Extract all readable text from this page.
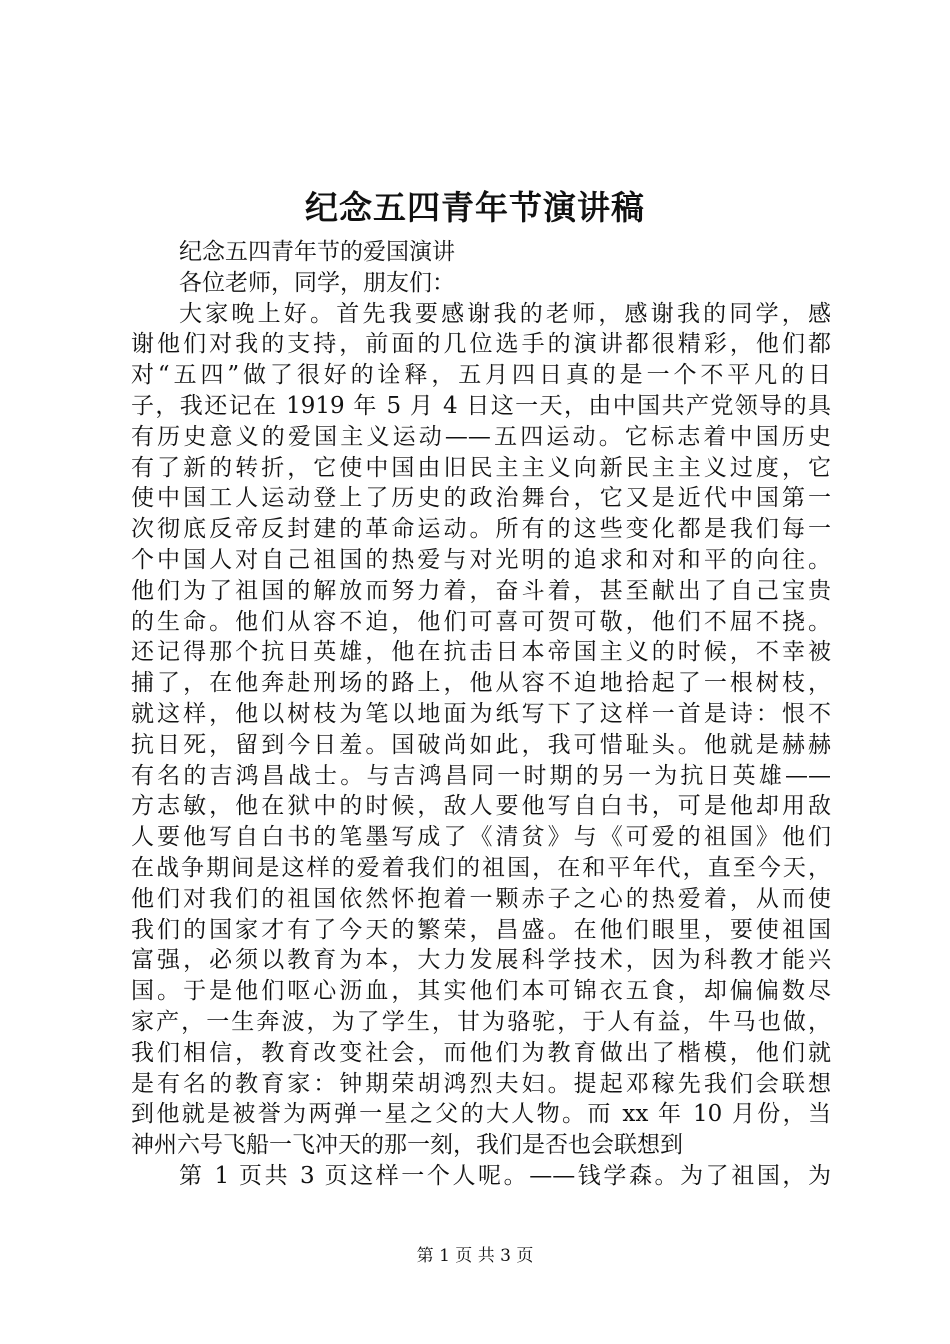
纪念五四青年节演讲稿
纪念五四青年节的爱国演讲
各位老师，同学，朋友们：
大家晚上好。首先我要感谢我的老师，感谢我的同学，感
谢他们对我的支持，前面的几位选手的演讲都很精彩，他们都
对“五四”做了很好的诠释，五月四日真的是一个不平凡的日
子，我还记在 1919 年 5 月 4 日这一天，由中国共产党领导的具
有历史意义的爱国主义运动——五四运动。它标志着中国历史
有了新的转折，它使中国由旧民主主义向新民主主义过度，它
使中国工人运动登上了历史的政治舞台，它又是近代中国第一
次彻底反帝反封建的革命运动。所有的这些变化都是我们每一
个中国人对自己祖国的热爱与对光明的追求和对和平的向往。
他们为了祖国的解放而努力着，奋斗着，甚至献出了自己宝贵
的生命。他们从容不迫，他们可喜可贺可敬，他们不屈不挠。
还记得那个抗日英雄，他在抗击日本帝国主义的时候，不幸被
捕了，在他奔赴刑场的路上，他从容不迫地拾起了一根树枝，
就这样，他以树枝为笔以地面为纸写下了这样一首是诗：恨不
抗日死，留到今日羞。国破尚如此，我可惜耻头。他就是赫赫
有名的吉鸿昌战士。与吉鸿昌同一时期的另一为抗日英雄——
方志敏，他在狱中的时候，敌人要他写自白书，可是他却用敌
人要他写自白书的笔墨写成了《清贫》与《可爱的祖国》他们
在战争期间是这样的爱着我们的祖国，在和平年代，直至今天，
他们对我们的祖国依然怀抱着一颗赤子之心的热爱着，从而使
我们的国家才有了今天的繁荣，昌盛。在他们眼里，要使祖国
富强，必须以教育为本，大力发展科学技术，因为科教才能兴
国。于是他们呕心沥血，其实他们本可锦衣五食，却偏偏数尽
家产，一生奔波，为了学生，甘为骆驼，于人有益，牛马也做，
我们相信，教育改变社会，而他们为教育做出了楷模，他们就
是有名的教育家：钟期荣胡鸿烈夫妇。提起邓稼先我们会联想
到他就是被誉为两弹一星之父的大人物。而 xx 年 10 月份，当
神州六号飞船一飞冲天的那一刻，我们是否也会联想到
第 1 页共 3 页这样一个人呢。——钱学森。为了祖国，为
第 1 页 共 3 页
